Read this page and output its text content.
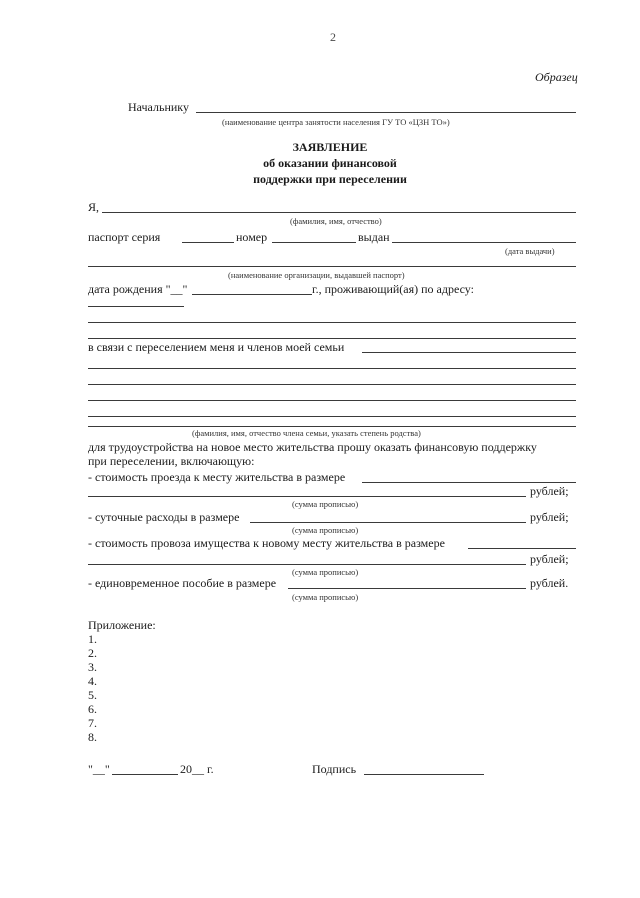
2
Образец
Начальнику
(наименование центра занятости населения ГУ ТО «ЦЗН ТО»)
ЗАЯВЛЕНИЕ
об оказании финансовой
поддержки при переселении
Я,
(фамилия, имя, отчество)
паспорт серия	номер	выдан
(дата выдачи)
(наименование организации, выдавшей паспорт)
дата рождения "__"	г., проживающий(ая) по адресу:
в связи с переселением меня и членов моей семьи
(фамилия, имя, отчество члена семьи, указать степень родства)
для трудоустройства на новое место жительства прошу оказать финансовую поддержку
при переселении, включающую:
- стоимость проезда к месту жительства в размере
рублей;
(сумма прописью)
- суточные расходы в размере	рублей;
(сумма прописью)
- стоимость провоза имущества к новому месту жительства в размере
рублей;
(сумма прописью)
- единовременное пособие в размере	рублей.
(сумма прописью)
Приложение:
1.
2.
3.
4.
5.
6.
7.
8.
"__"	20__ г.	Подпись
